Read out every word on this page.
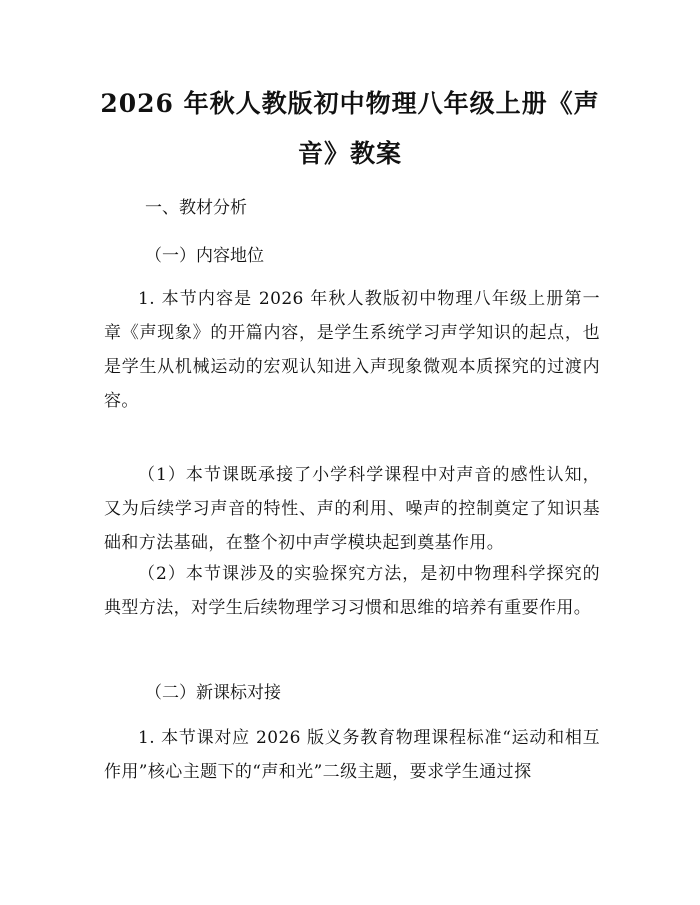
2026 年秋人教版初中物理八年级上册《声
音》教案

一、教材分析

（一）内容地位

1. 本节内容是 2026 年秋人教版初中物理八年级上册第一章《声现象》的开篇内容，是学生系统学习声学知识的起点，也是学生从机械运动的宏观认知进入声现象微观本质探究的过渡内容。

（1）本节课既承接了小学科学课程中对声音的感性认知，又为后续学习声音的特性、声的利用、噪声的控制奠定了知识基础和方法基础，在整个初中声学模块起到奠基作用。

（2）本节课涉及的实验探究方法，是初中物理科学探究的典型方法，对学生后续物理学习习惯和思维的培养有重要作用。

（二）新课标对接

1. 本节课对应 2026 版义务教育物理课程标准“运动和相互作用”核心主题下的“声和光”二级主题，要求学生通过探
